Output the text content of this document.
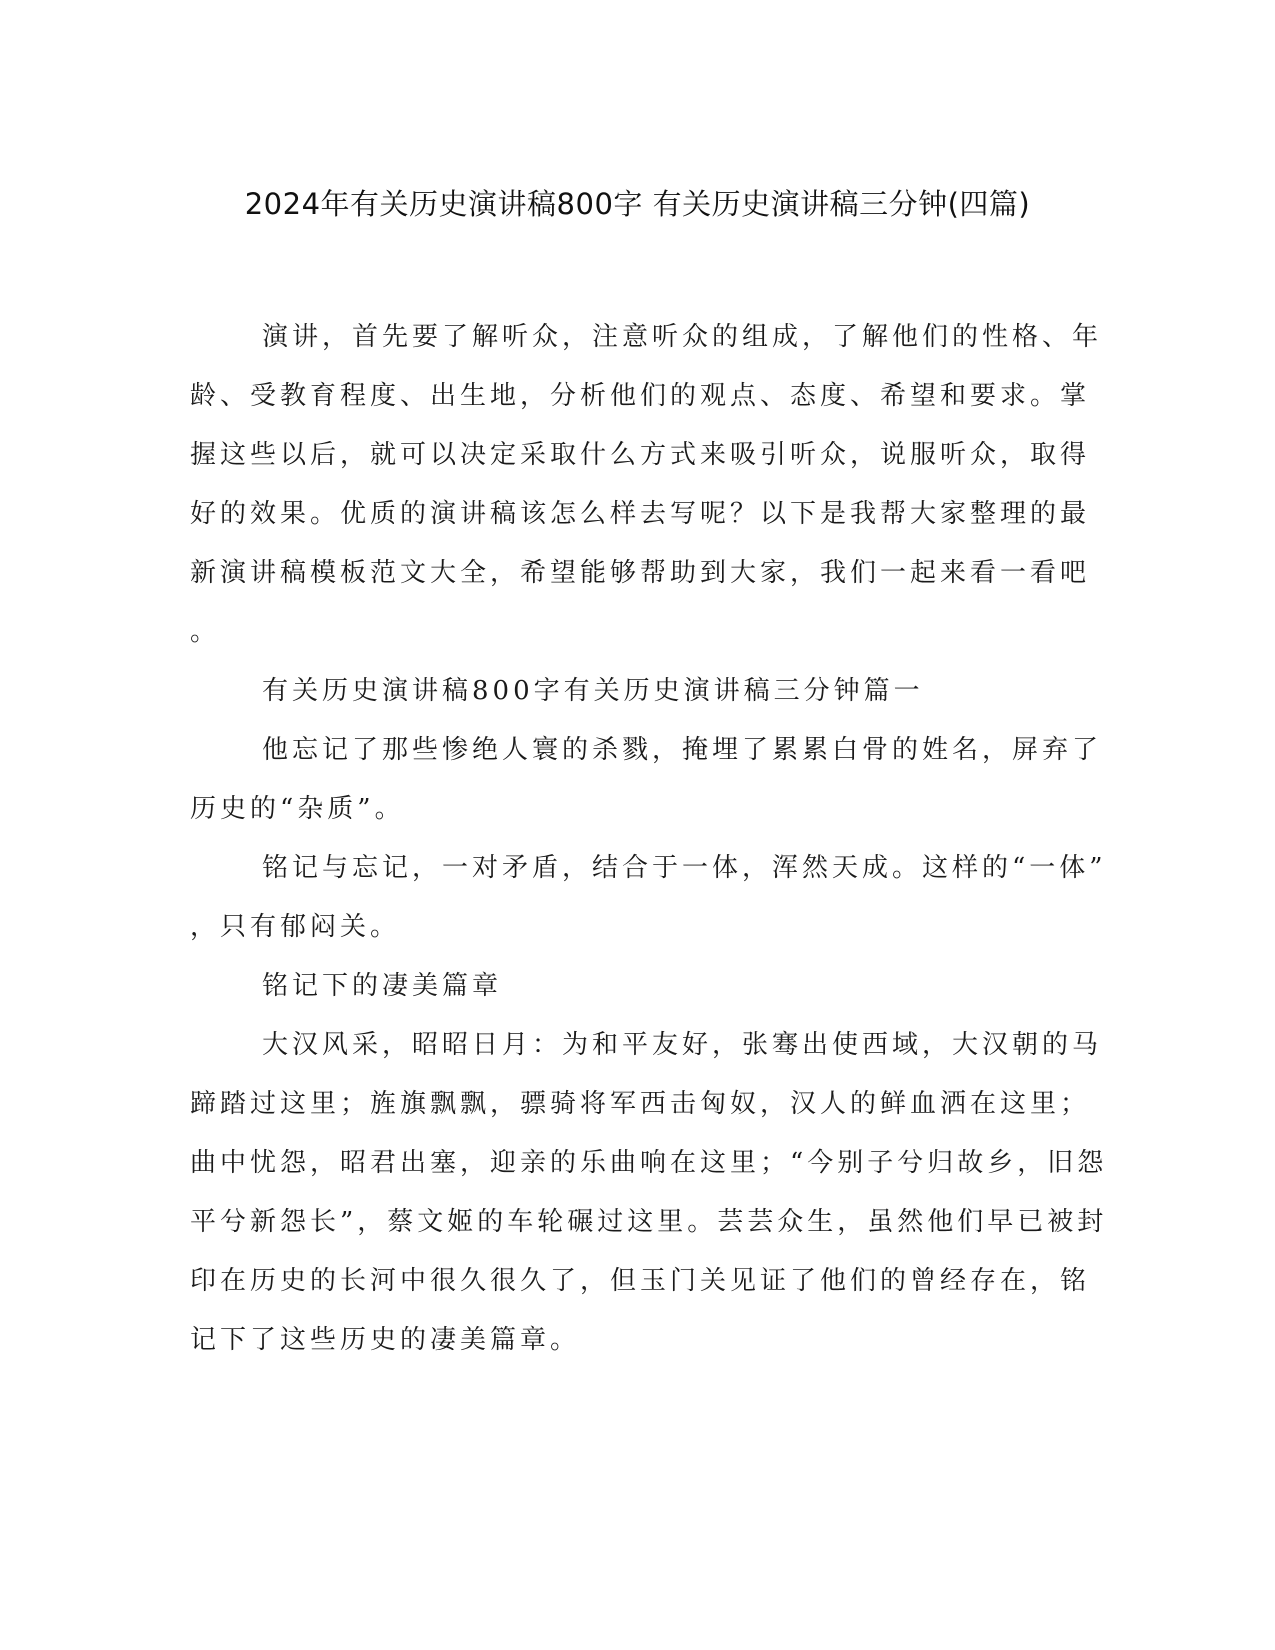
2024年有关历史演讲稿800字 有关历史演讲稿三分钟(四篇)
演讲，首先要了解听众，注意听众的组成，了解他们的性格、年
龄、受教育程度、出生地，分析他们的观点、态度、希望和要求。掌
握这些以后，就可以决定采取什么方式来吸引听众，说服听众，取得
好的效果。优质的演讲稿该怎么样去写呢？以下是我帮大家整理的最
新演讲稿模板范文大全，希望能够帮助到大家，我们一起来看一看吧
。
有关历史演讲稿800字有关历史演讲稿三分钟篇一
他忘记了那些惨绝人寰的杀戮，掩埋了累累白骨的姓名，屏弃了
历史的“杂质”。
铭记与忘记，一对矛盾，结合于一体，浑然天成。这样的“一体”
，只有郁闷关。
铭记下的凄美篇章
大汉风采，昭昭日月：为和平友好，张骞出使西域，大汉朝的马
蹄踏过这里；旌旗飘飘，骠骑将军西击匈奴，汉人的鲜血洒在这里；
曲中忧怨，昭君出塞，迎亲的乐曲响在这里；“今别子兮归故乡，旧怨
平兮新怨长”，蔡文姬的车轮碾过这里。芸芸众生，虽然他们早已被封
印在历史的长河中很久很久了，但玉门关见证了他们的曾经存在，铭
记下了这些历史的凄美篇章。
